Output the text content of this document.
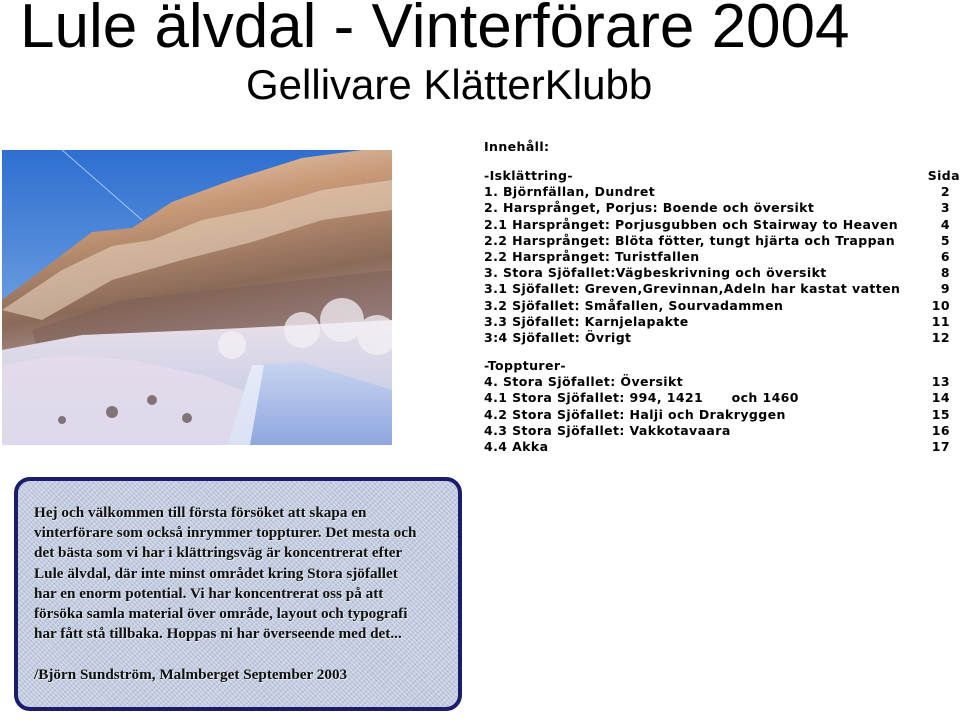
Lule älvdal - Vinterförare 2004
Gellivare KlätterKlubb
Innehåll:
-Isklättring-	Sida
1. Björnfällan, Dundret	2
2. Harsprånget, Porjus: Boende och översikt	3
2.1 Harsprånget: Porjusgubben och Stairway to Heaven	4
2.2 Harsprånget: Blöta fötter, tungt hjärta och Trappan	5
2.2 Harsprånget: Turistfallen	6
3. Stora Sjöfallet:Vägbeskrivning och översikt	8
3.1 Sjöfallet: Greven,Grevinnan,Adeln har kastat vatten	9
3.2 Sjöfallet: Småfallen, Sourvadammen	10
3.3 Sjöfallet: Karnjelapakte	11
3:4 Sjöfallet: Övrigt	12
-Toppturer-
4. Stora Sjöfallet: Översikt	13
4.1 Stora Sjöfallet: 994, 1421      och 1460	14
4.2 Stora Sjöfallet: Halji och Drakryggen	15
4.3 Stora Sjöfallet: Vakkotavaara	16
4.4 Akka	17
Hej och välkommen till första försöket att skapa en
vinterförare som också inrymmer toppturer. Det mesta och
det bästa som vi har i klättringsväg är koncentrerat efter
Lule älvdal, där inte minst området kring Stora sjöfallet
har en enorm potential. Vi har koncentrerat oss på att
försöka samla material över område, layout och typografi
har fått stå tillbaka. Hoppas ni har överseende med det...
/Björn Sundström, Malmberget September 2003
